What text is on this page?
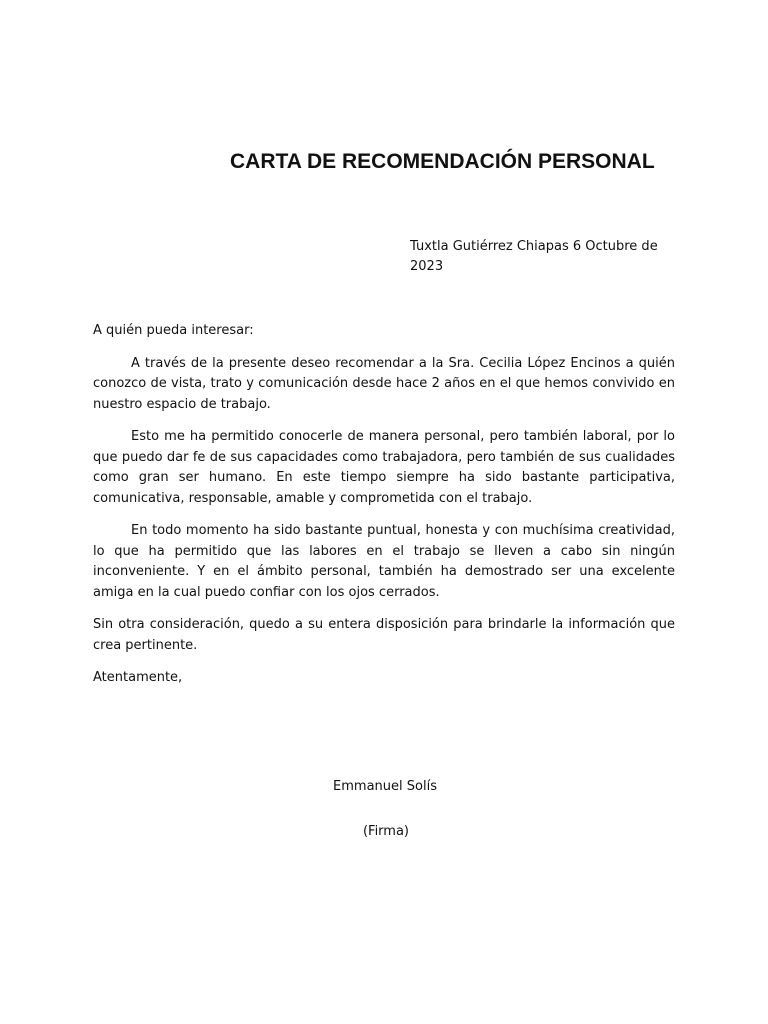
CARTA DE RECOMENDACIÓN PERSONAL
Tuxtla Gutiérrez Chiapas 6 Octubre de 2023

A quién pueda interesar:

A través de la presente deseo recomendar a la Sra. Cecilia López Encinos a quién conozco de vista, trato y comunicación desde hace 2 años en el que hemos convivido en nuestro espacio de trabajo.

Esto me ha permitido conocerle de manera personal, pero también laboral, por lo que puedo dar fe de sus capacidades como trabajadora, pero también de sus cualidades como gran ser humano. En este tiempo siempre ha sido bastante participativa, comunicativa, responsable, amable y comprometida con el trabajo.

En todo momento ha sido bastante puntual, honesta y con muchísima creatividad, lo que ha permitido que las labores en el trabajo se lleven a cabo sin ningún inconveniente. Y en el ámbito personal, también ha demostrado ser una excelente amiga en la cual puedo confiar con los ojos cerrados.

Sin otra consideración, quedo a su entera disposición para brindarle la información que crea pertinente.

Atentamente,
Emmanuel Solís
(Firma)
